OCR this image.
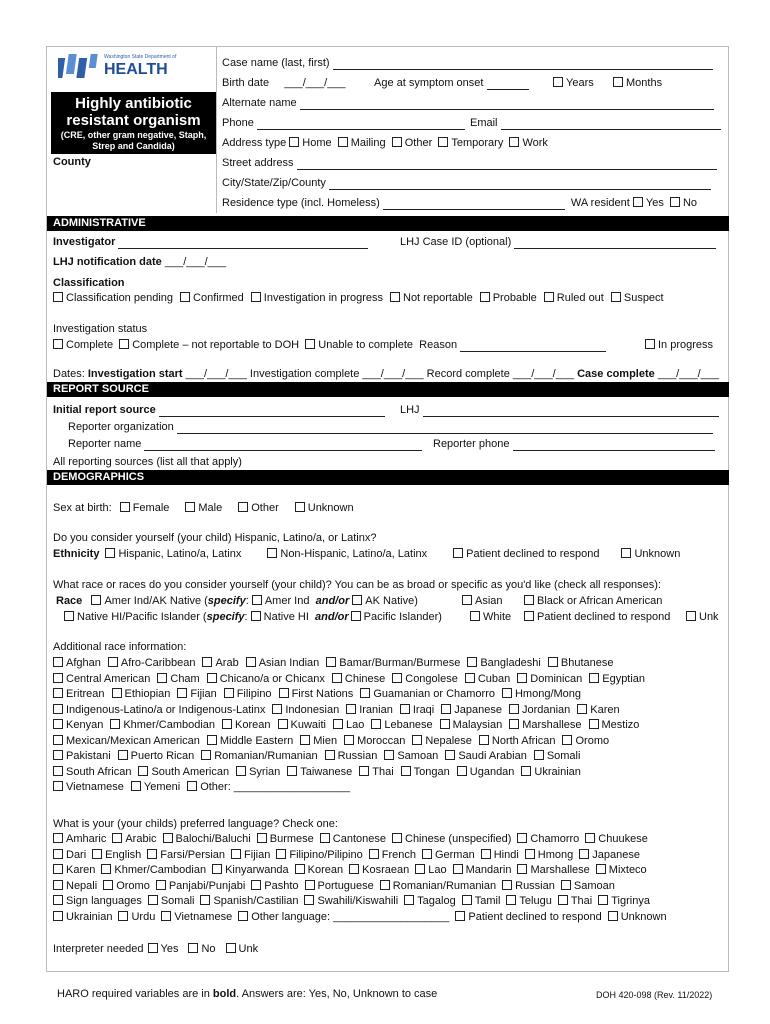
Washington State Department of
HEALTH
Highly antibiotic
resistant organism
(CRE, other gram negative, Staph, Strep and Candida)
County
Case name (last, first)
Birth date ___/___/___	Age at symptom onset	Years	Months
Alternate name
Phone	Email
Address type Home Mailing Other Temporary Work
Street address
City/State/Zip/County
Residence type (incl. Homeless)	WA resident Yes No
ADMINISTRATIVE
Investigator	LHJ Case ID (optional)
LHJ notification date ___/___/___
Classification
Classification pending Confirmed Investigation in progress Not reportable Probable Ruled out Suspect
Investigation status
Complete Complete – not reportable to DOH Unable to complete Reason	In progress
Dates: Investigation start ___/___/___ Investigation complete ___/___/___ Record complete ___/___/___ Case complete ___/___/___
REPORT SOURCE
Initial report source	LHJ
Reporter organization
Reporter name	Reporter phone
All reporting sources (list all that apply)
DEMOGRAPHICS
Sex at birth: Female	Male	Other	Unknown
Do you consider yourself (your child) Hispanic, Latino/a, or Latinx?
Ethnicity Hispanic, Latino/a, Latinx	Non-Hispanic, Latino/a, Latinx	Patient declined to respond	Unknown
What race or races do you consider yourself (your child)? You can be as broad or specific as you'd like (check all responses):
Race Amer Ind/AK Native (specify: Amer Ind and/or AK Native)	Asian	Black or African American
Native HI/Pacific Islander (specify: Native HI and/or Pacific Islander)	White	Patient declined to respond	Unk
Additional race information:
Afghan Afro-Caribbean Arab Asian Indian Bamar/Burman/Burmese Bangladeshi Bhutanese
Central American Cham Chicano/a or Chicanx Chinese Congolese Cuban Dominican Egyptian
Eritrean Ethiopian Fijian Filipino First Nations Guamanian or Chamorro Hmong/Mong
Indigenous-Latino/a or Indigenous-Latinx Indonesian Iranian Iraqi Japanese Jordanian Karen
Kenyan Khmer/Cambodian Korean Kuwaiti Lao Lebanese Malaysian Marshallese Mestizo
Mexican/Mexican American Middle Eastern Mien Moroccan Nepalese North African Oromo
Pakistani Puerto Rican Romanian/Rumanian Russian Samoan Saudi Arabian Somali
South African South American Syrian Taiwanese Thai Tongan Ugandan Ukrainian
Vietnamese Yemeni Other: ___________________
What is your (your childs) preferred language? Check one:
Amharic Arabic Balochi/Baluchi Burmese Cantonese Chinese (unspecified) Chamorro Chuukese
Dari English Farsi/Persian Fijian Filipino/Pilipino French German Hindi Hmong Japanese
Karen Khmer/Cambodian Kinyarwanda Korean Kosraean Lao Mandarin Marshallese Mixteco
Nepali Oromo Panjabi/Punjabi Pashto Portuguese Romanian/Rumanian Russian Samoan
Sign languages Somali Spanish/Castilian Swahili/Kiswahili Tagalog Tamil Telugu Thai Tigrinya
Ukrainian Urdu Vietnamese Other language: ___________________ Patient declined to respond Unknown
Interpreter needed Yes No Unk
HARO required variables are in bold. Answers are: Yes, No, Unknown to case	DOH 420-098 (Rev. 11/2022)
